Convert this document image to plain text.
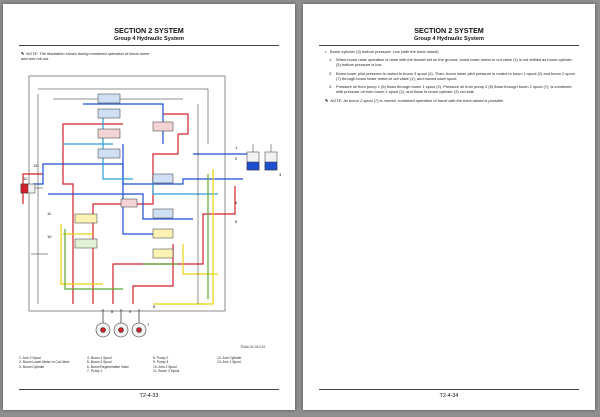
SECTION 2 SYSTEM
Group 4 Hydraulic System
✎ NOTE: The illustration shows during combined operation of boom lower and arm roll-out.
1
2
3
4
5
6
7
8	9
10
11
12
13
TDAA-02-04-013
1- Arm 2 Spool
2- Boom Lower Meter-In Cut Valve
3- Boom Cylinder
4- Boom 1 Spool
5- Boom 3 Spool
6- Boom Regenerative Valve
7- Pump 1
8- Pump 2
9- Pump 3
10- Arm 2 Spool
11- Boom 3 Spool
12- Arm Cylinder
13- Arm 1 Spool
T2-4-33
SECTION 2 SYSTEM
Group 4 Hydraulic System
• Boom cylinder (3) bottom pressure: Low (with the track raised)
1. When boom raise operation is done with the bucket set on the ground, boom lower meter-in cut valve (1) is not shifted as boom cylinder (3) bottom pressure is low.
2. Boom lower pilot pressure is routed to boom 3 spool (4). Then, boom lower pilot pressure is routed to boom 1 spool (2) and boom 2 spool (7) through boom lower meter-in cut valve (1), and moves each spool.
3. Pressure oil from pump 1 (6) flows through boom 1 spool (2). Pressure oil from pump 2 (5) flows through boom 2 spool (7), is combined with pressure oil from boom 1 spool (2), and flows to boom cylinder (3) rod side.
✎ NOTE: As boom 2 spool (7) is moved, combined operation of travel with the track raised is possible.
T2-4-34
